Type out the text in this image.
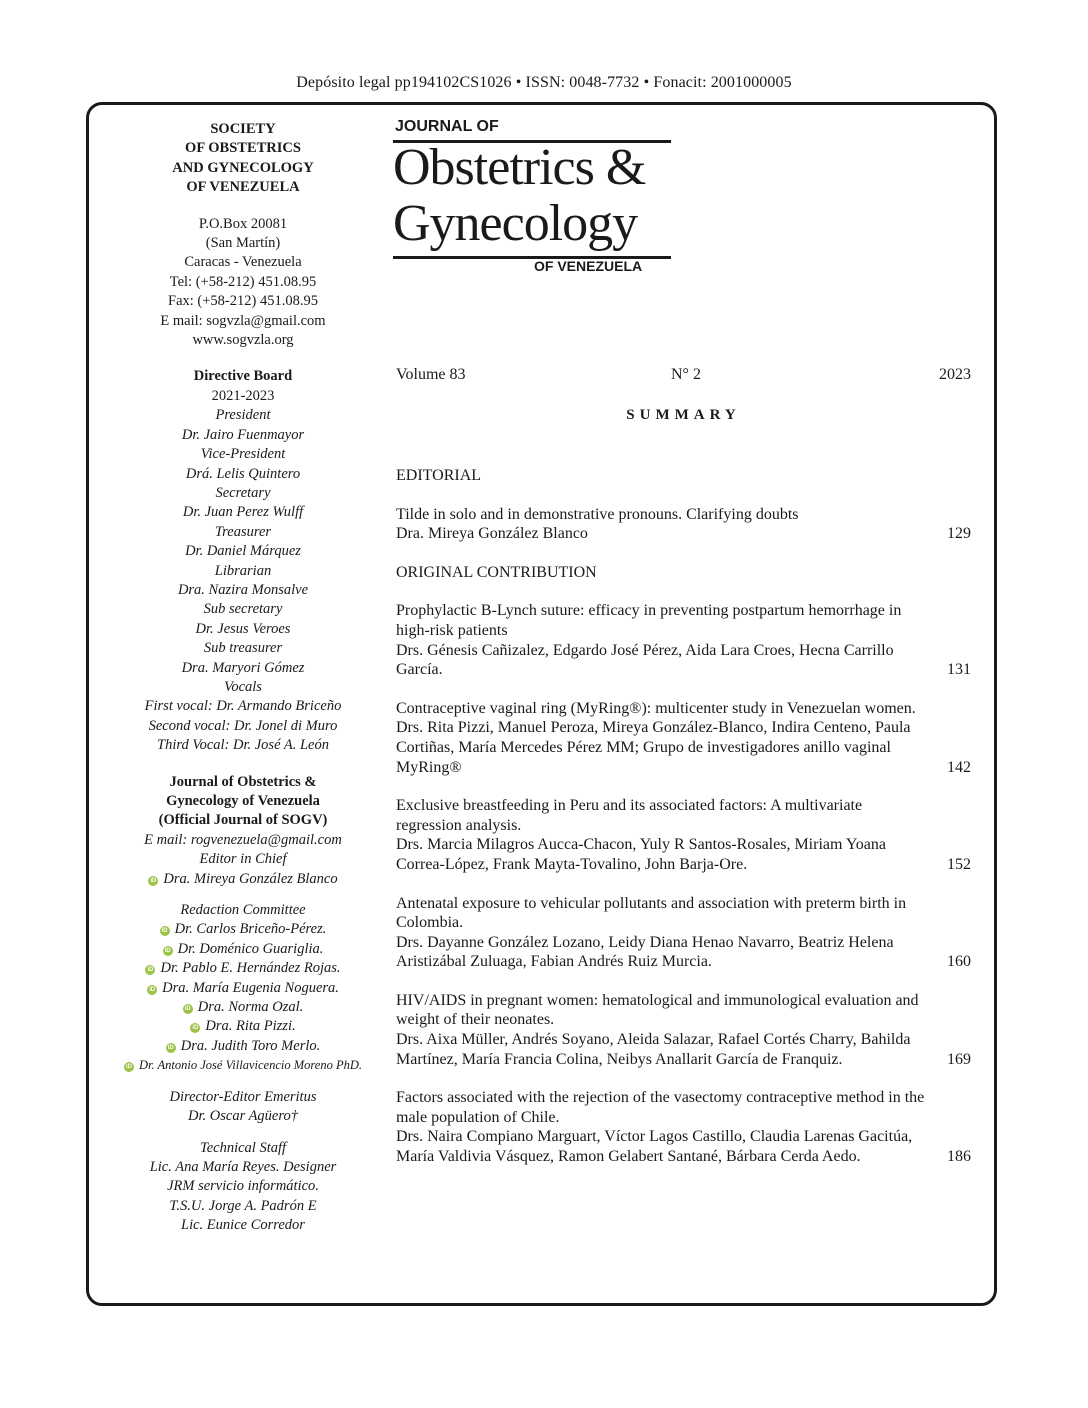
Depósito legal pp194102CS1026 • ISSN: 0048-7732 • Fonacit: 2001000005
SOCIETY
OF OBSTETRICS
AND GYNECOLOGY
OF VENEZUELA
P.O.Box 20081
(San Martín)
Caracas - Venezuela
Tel: (+58-212) 451.08.95
Fax: (+58-212) 451.08.95
E mail: sogvzla@gmail.com
www.sogvzla.org
Directive Board
2021-2023
President
Dr. Jairo Fuenmayor
Vice-President
Drá. Lelis Quintero
Secretary
Dr. Juan Perez Wulff
Treasurer
Dr. Daniel Márquez
Librarian
Dra. Nazira Monsalve
Sub secretary
Dr. Jesus Veroes
Sub treasurer
Dra. Maryori Gómez
Vocals
First vocal: Dr. Armando Briceño
Second vocal: Dr. Jonel di Muro
Third Vocal: Dr. José A. León
Journal of Obstetrics &
Gynecology of Venezuela
(Official Journal of SOGV)
E mail: rogvenezuela@gmail.com
Editor in Chief
iD Dra. Mireya González Blanco
Redaction Committee
iD Dr. Carlos Briceño-Pérez.
iD Dr. Doménico Guariglia.
iD Dr. Pablo E. Hernández Rojas.
iD Dra. María Eugenia Noguera.
iD Dra. Norma Ozal.
iD Dra. Rita Pizzi.
iD Dra. Judith Toro Merlo.
iD Dr. Antonio José Villavicencio Moreno PhD.
Director-Editor Emeritus
Dr. Oscar Agüero†
Technical Staff
Lic. Ana María Reyes. Designer
JRM servicio informático.
T.S.U. Jorge A. Padrón E
Lic. Eunice Corredor
JOURNAL OF
Obstetrics &
Gynecology
OF VENEZUELA
Volume 83	N° 2	2023
SUMMARY
EDITORIAL
Tilde in solo and in demonstrative pronouns. Clarifying doubts
Dra. Mireya González Blanco	129
ORIGINAL CONTRIBUTION
Prophylactic B-Lynch suture: efficacy in preventing postpartum hemorrhage in high-risk patients
Drs. Génesis Cañizalez, Edgardo José Pérez, Aida Lara Croes, Hecna Carrillo García.	131
Contraceptive vaginal ring (MyRing®): multicenter study in Venezuelan women.
Drs. Rita Pizzi, Manuel Peroza, Mireya González-Blanco, Indira Centeno, Paula Cortiñas, María Mercedes Pérez MM; Grupo de investigadores anillo vaginal MyRing®	142
Exclusive breastfeeding in Peru and its associated factors: A multivariate regression analysis.
Drs. Marcia Milagros Aucca-Chacon, Yuly R Santos-Rosales, Miriam Yoana Correa-López, Frank Mayta-Tovalino, John Barja-Ore.	152
Antenatal exposure to vehicular pollutants and association with preterm birth in Colombia.
Drs. Dayanne González Lozano, Leidy Diana Henao Navarro, Beatriz Helena Aristizábal Zuluaga, Fabian Andrés Ruiz Murcia.	160
HIV/AIDS in pregnant women: hematological and immunological evaluation and weight of their neonates.
Drs. Aixa Müller, Andrés Soyano, Aleida Salazar, Rafael Cortés Charry, Bahilda Martínez, María Francia Colina, Neibys Anallarit García de Franquiz.	169
Factors associated with the rejection of the vasectomy contraceptive method in the male population of Chile.
Drs. Naira Compiano Marguart, Víctor Lagos Castillo, Claudia Larenas Gacitúa, María Valdivia Vásquez, Ramon Gelabert Santané, Bárbara Cerda Aedo.	186
